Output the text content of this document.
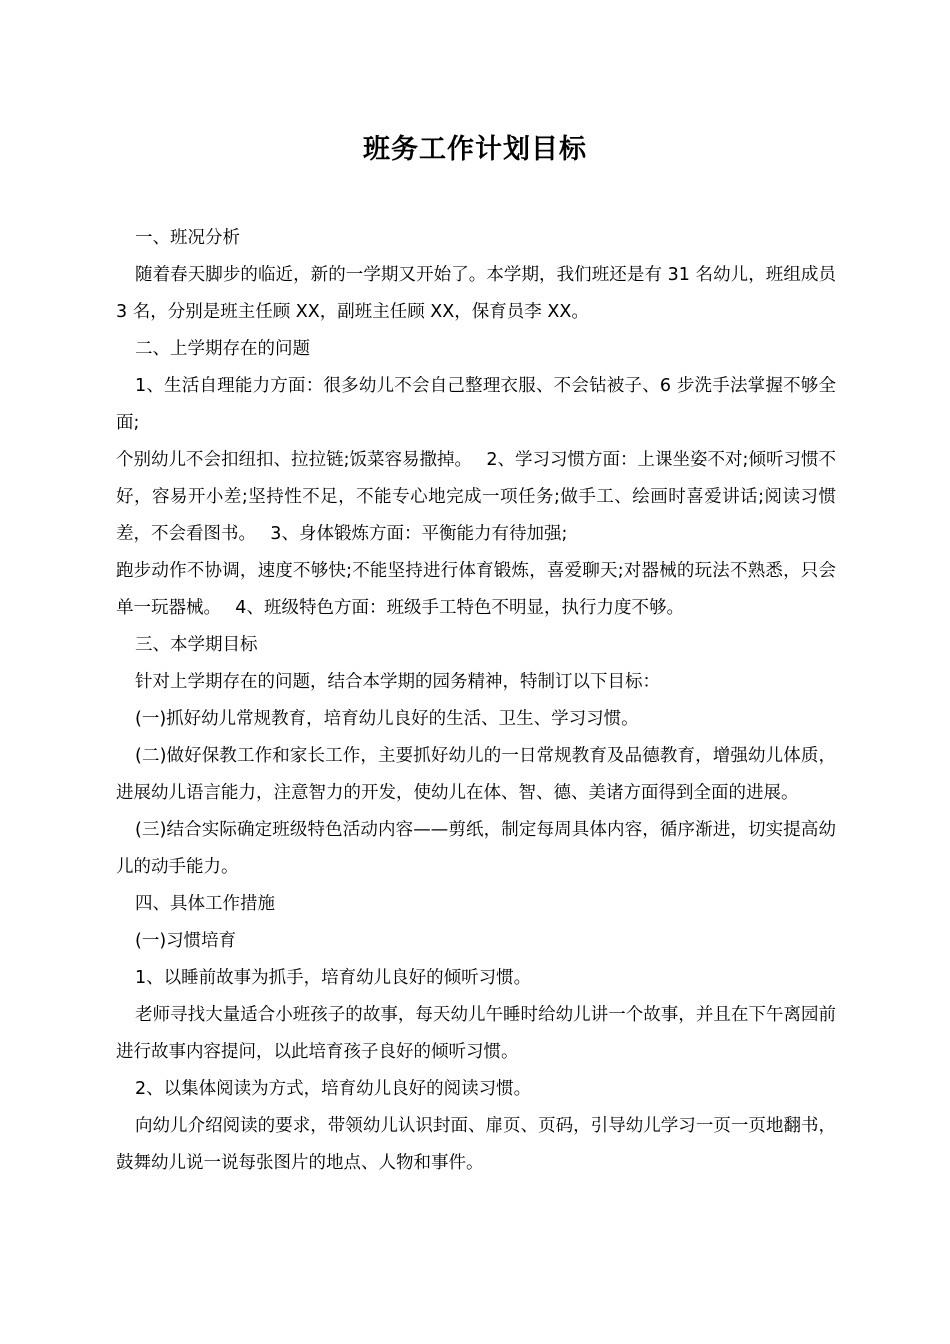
班务工作计划目标

一、班况分析

随着春天脚步的临近，新的一学期又开始了。本学期，我们班还是有 31 名幼儿，班组成员 3 名，分别是班主任顾 XX，副班主任顾 XX，保育员李 XX。

二、上学期存在的问题

1、生活自理能力方面：很多幼儿不会自己整理衣服、不会钻被子、6 步洗手法掌握不够全面;

个别幼儿不会扣纽扣、拉拉链;饭菜容易撒掉。　 2、学习习惯方面：上课坐姿不对;倾听习惯不好，容易开小差;坚持性不足，不能专心地完成一项任务;做手工、绘画时喜爱讲话;阅读习惯差，不会看图书。　 3、身体锻炼方面：平衡能力有待加强;

跑步动作不协调，速度不够快;不能坚持进行体育锻炼，喜爱聊天;对器械的玩法不熟悉，只会单一玩器械。　 4、班级特色方面：班级手工特色不明显，执行力度不够。

三、本学期目标

针对上学期存在的问题，结合本学期的园务精神，特制订以下目标：

(一)抓好幼儿常规教育，培育幼儿良好的生活、卫生、学习习惯。

(二)做好保教工作和家长工作，主要抓好幼儿的一日常规教育及品德教育，增强幼儿体质，进展幼儿语言能力，注意智力的开发，使幼儿在体、智、德、美诸方面得到全面的进展。

(三)结合实际确定班级特色活动内容——剪纸，制定每周具体内容，循序渐进，切实提高幼儿的动手能力。

四、具体工作措施

(一)习惯培育

1、以睡前故事为抓手，培育幼儿良好的倾听习惯。

老师寻找大量适合小班孩子的故事，每天幼儿午睡时给幼儿讲一个故事，并且在下午离园前进行故事内容提问，以此培育孩子良好的倾听习惯。

2、以集体阅读为方式，培育幼儿良好的阅读习惯。

向幼儿介绍阅读的要求，带领幼儿认识封面、扉页、页码，引导幼儿学习一页一页地翻书，鼓舞幼儿说一说每张图片的地点、人物和事件。
